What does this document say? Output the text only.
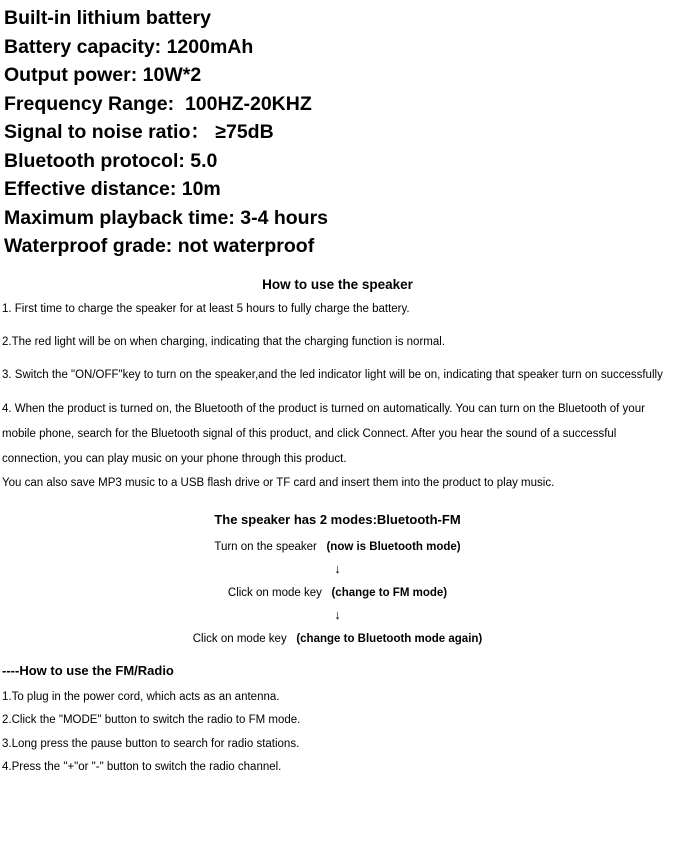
Built-in lithium battery
Battery capacity: 1200mAh
Output power: 10W*2
Frequency Range:  100HZ-20KHZ
Signal to noise ratio： ≥75dB
Bluetooth protocol: 5.0
Effective distance: 10m
Maximum playback time: 3-4 hours
Waterproof grade: not waterproof
How to use the speaker

1. First time to charge the speaker for at least 5 hours to fully charge the battery.

2.The red light will be on when charging, indicating that the charging function is normal.

3. Switch the "ON/OFF"key to turn on the speaker,and the led indicator light will be on, indicating that speaker turn on successfully

4. When the product is turned on, the Bluetooth of the product is turned on automatically. You can turn on the Bluetooth of your mobile phone, search for the Bluetooth signal of this product, and click Connect. After you hear the sound of a successful connection, you can play music on your phone through this product.

You can also save MP3 music to a USB flash drive or TF card and insert them into the product to play music.

The speaker has 2 modes:Bluetooth-FM
Turn on the speaker (now is Bluetooth mode)
↓
Click on mode key (change to FM mode)
↓
Click on mode key (change to Bluetooth mode again)
----How to use the FM/Radio
1.To plug in the power cord, which acts as an antenna.
2.Click the "MODE" button to switch the radio to FM mode.
3.Long press the pause button to search for radio stations.
4.Press the "+"or "-" button to switch the radio channel.
